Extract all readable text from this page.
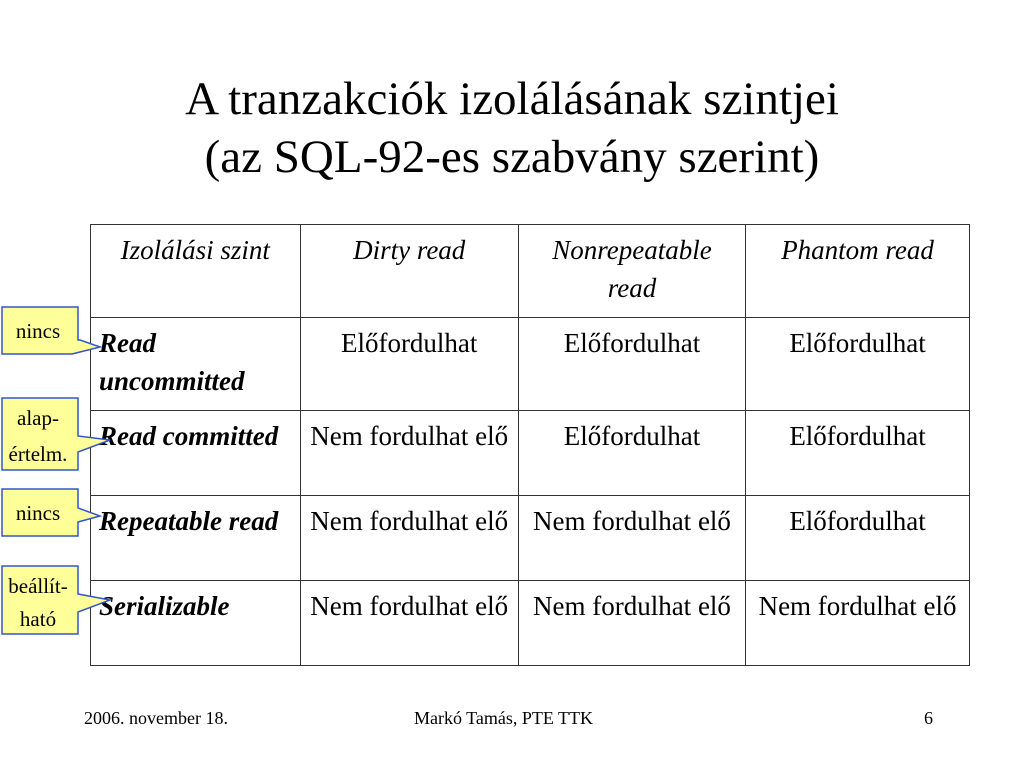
A tranzakciók izolálásának szintjei
(az SQL-92-es szabvány szerint)
Izolálási szint	Dirty read	Nonrepeatable read	Phantom read
Read uncommitted	Előfordulhat	Előfordulhat	Előfordulhat
Read committed	Nem fordulhat elő	Előfordulhat	Előfordulhat
Repeatable read	Nem fordulhat elő	Nem fordulhat elő	Előfordulhat
Serializable	Nem fordulhat elő	Nem fordulhat elő	Nem fordulhat elő
nincs
alap-
értelm.
nincs
beállít-
ható
2006. november 18.	Markó Tamás, PTE TTK	6
